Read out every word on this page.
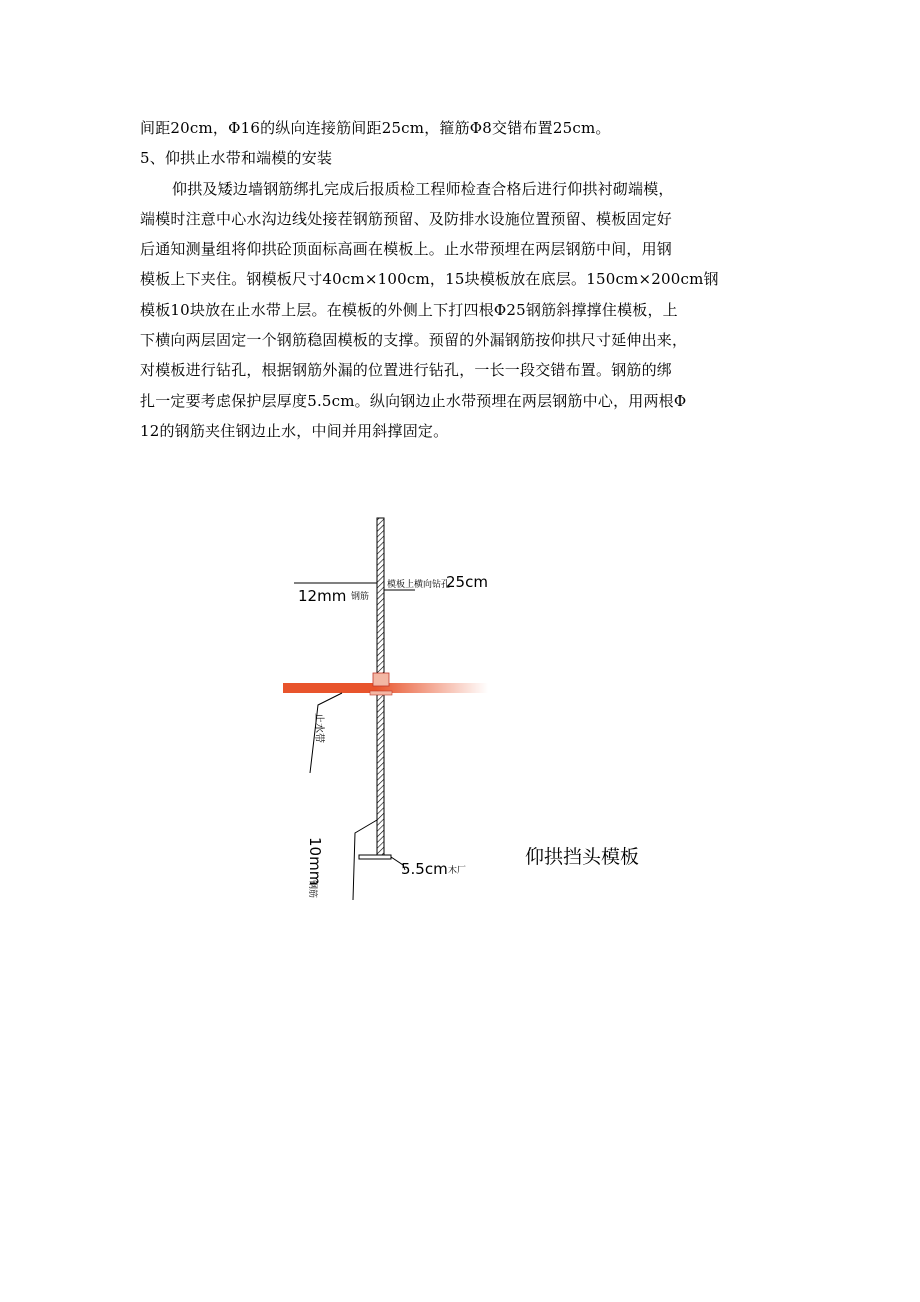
间距20cm，Φ16的纵向连接筋间距25cm，箍筋Φ8交错布置25cm。
5、仰拱止水带和端模的安装
仰拱及矮边墙钢筋绑扎完成后报质检工程师检查合格后进行仰拱衬砌端模，
端模时注意中心水沟边线处接茬钢筋预留、及防排水设施位置预留、模板固定好
后通知测量组将仰拱砼顶面标高画在模板上。止水带预埋在两层钢筋中间，用钢
模板上下夹住。钢模板尺寸40cm×100cm，15块模板放在底层。150cm×200cm钢
模板10块放在止水带上层。在模板的外侧上下打四根Φ25钢筋斜撑撑住模板，上
下横向两层固定一个钢筋稳固模板的支撑。预留的外漏钢筋按仰拱尺寸延伸出来，
对模板进行钻孔，根据钢筋外漏的位置进行钻孔，一长一段交错布置。钢筋的绑
扎一定要考虑保护层厚度5.5cm。纵向钢边止水带预埋在两层钢筋中心，用两根Φ
12的钢筋夹住钢边止水，中间并用斜撑固定。
12mm 钢筋
模板上横向钻孔
25cm
止水带
10mm
钢筋
5.5cm 木厂
仰拱挡头模板
